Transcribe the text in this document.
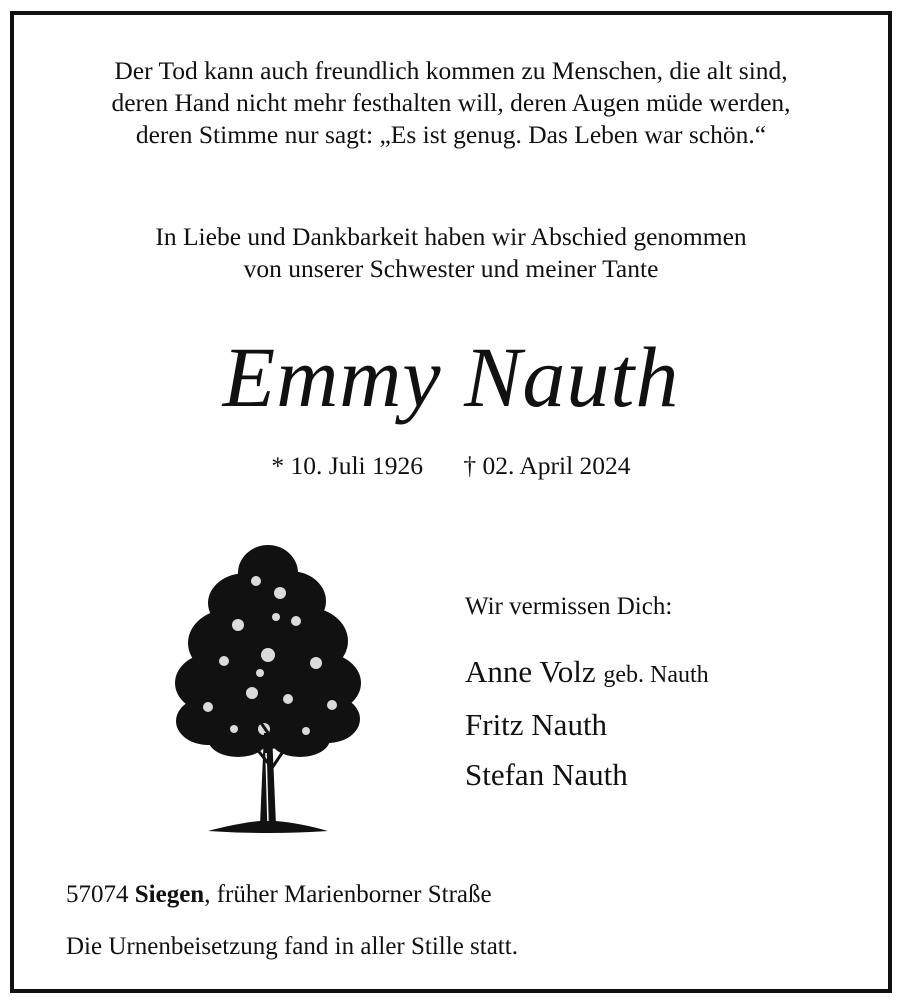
Der Tod kann auch freundlich kommen zu Menschen, die alt sind,
deren Hand nicht mehr festhalten will, deren Augen müde werden,
deren Stimme nur sagt: „Es ist genug. Das Leben war schön.“
In Liebe und Dankbarkeit haben wir Abschied genommen
von unserer Schwester und meiner Tante
Emmy Nauth
* 10. Juli 1926 † 02. April 2024
Wir vermissen Dich:
Anne Volz geb. Nauth
Fritz Nauth
Stefan Nauth
57074 Siegen, früher Marienborner Straße
Die Urnenbeisetzung fand in aller Stille statt.
